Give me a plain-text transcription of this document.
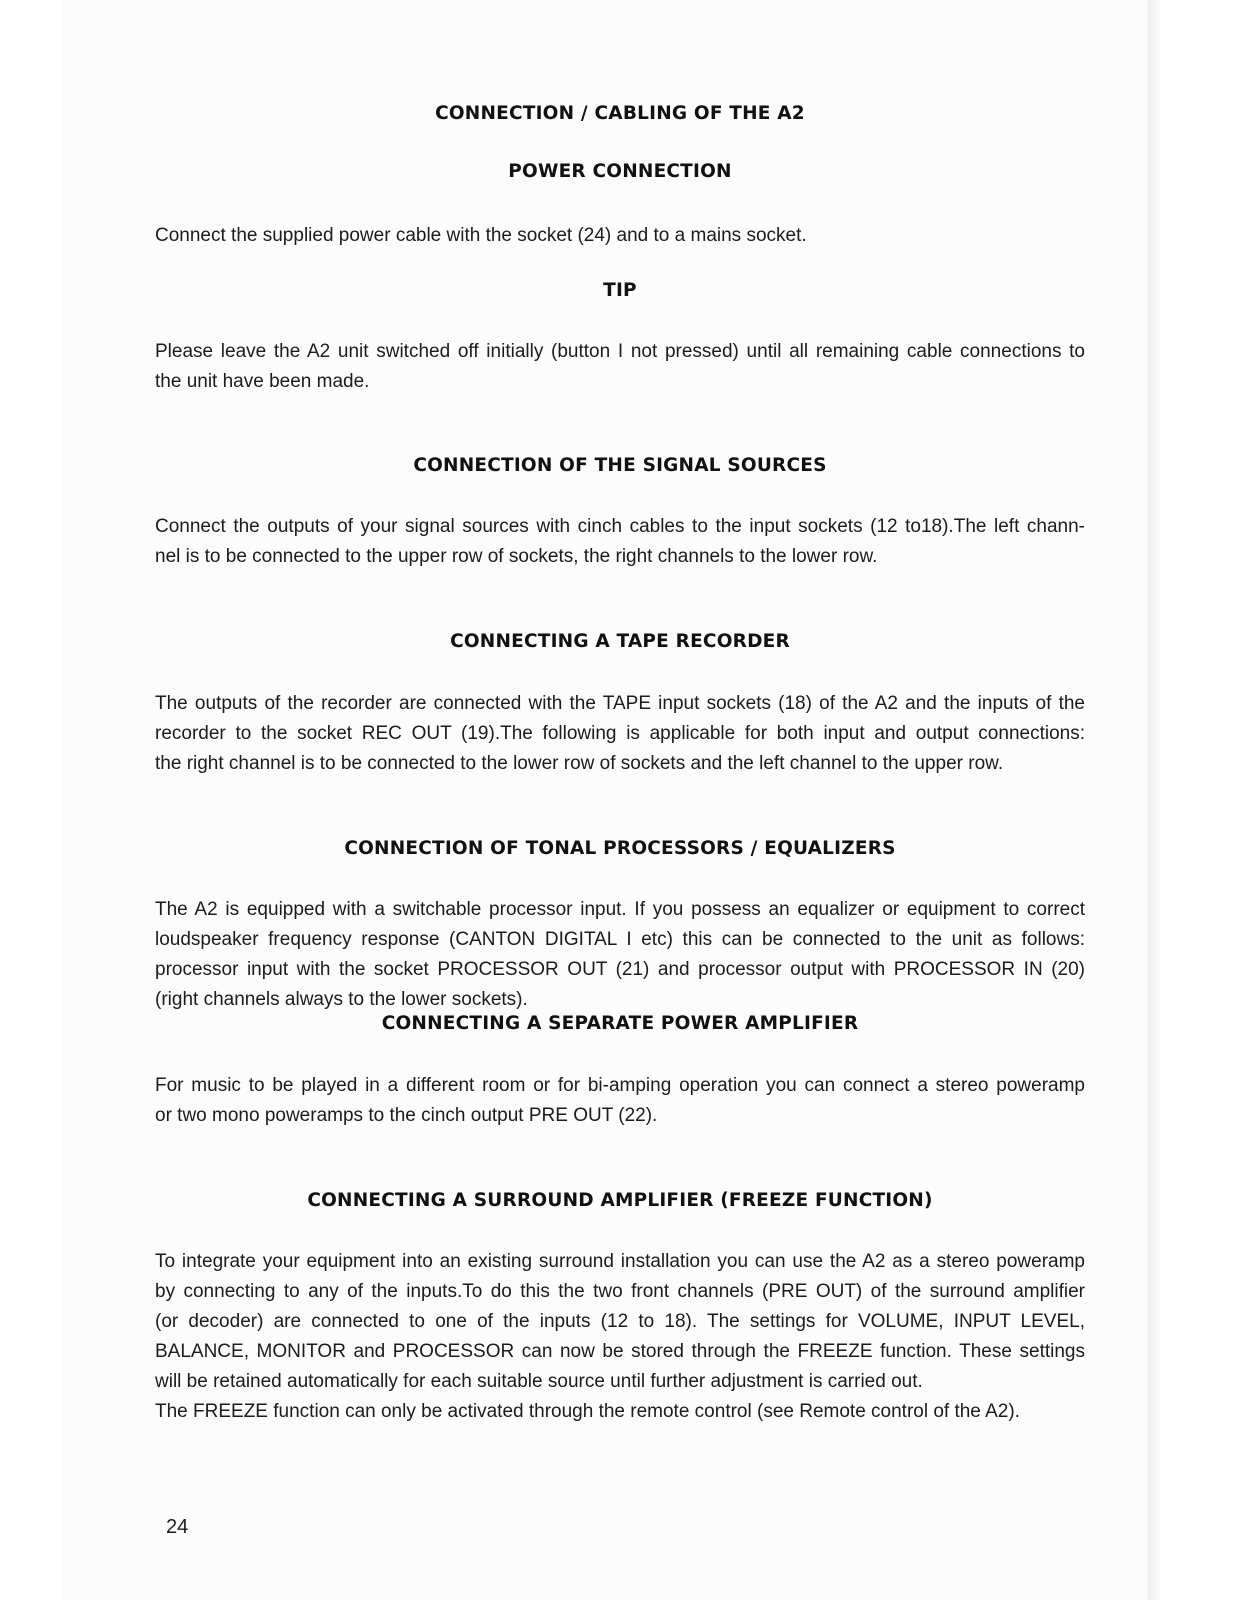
CONNECTION / CABLING OF THE A2
POWER CONNECTION
Connect the supplied power cable with the socket (24) and to a mains socket.
TIP
Please leave the A2 unit switched off initially (button I not pressed) until all remaining cable connections to
the unit have been made.
CONNECTION OF THE SIGNAL SOURCES
Connect the outputs of your signal sources with cinch cables to the input sockets (12 to18).The left chann-
nel is to be connected to the upper row of sockets, the right channels to the lower row.
CONNECTING A TAPE RECORDER
The outputs of the recorder are connected with the TAPE input sockets (18) of the A2 and the inputs of the
recorder to the socket REC OUT (19).The following is applicable for both input and output connections:
the right channel is to be connected to the lower row of sockets and the left channel to the upper row.
CONNECTION OF TONAL PROCESSORS / EQUALIZERS
The A2 is equipped with a switchable processor input. If you possess an equalizer or equipment to correct
loudspeaker frequency response (CANTON DIGITAL I etc) this can be connected to the unit as follows:
processor input with the socket PROCESSOR OUT (21) and processor output with PROCESSOR IN (20)
(right channels always to the lower sockets).
CONNECTING A SEPARATE POWER AMPLIFIER
For music to be played in a different room or for bi-amping operation you can connect a stereo poweramp
or two mono poweramps to the cinch output PRE OUT (22).
CONNECTING A SURROUND AMPLIFIER (FREEZE FUNCTION)
To integrate your equipment into an existing surround installation you can use the A2 as a stereo poweramp
by connecting to any of the inputs.To do this the two front channels (PRE OUT) of the surround amplifier
(or decoder) are connected to one of the inputs (12 to 18). The settings for VOLUME, INPUT LEVEL,
BALANCE, MONITOR and PROCESSOR can now be stored through the FREEZE function. These settings
will be retained automatically for each suitable source until further adjustment is carried out.
The FREEZE function can only be activated through the remote control (see Remote control of the A2).
24
